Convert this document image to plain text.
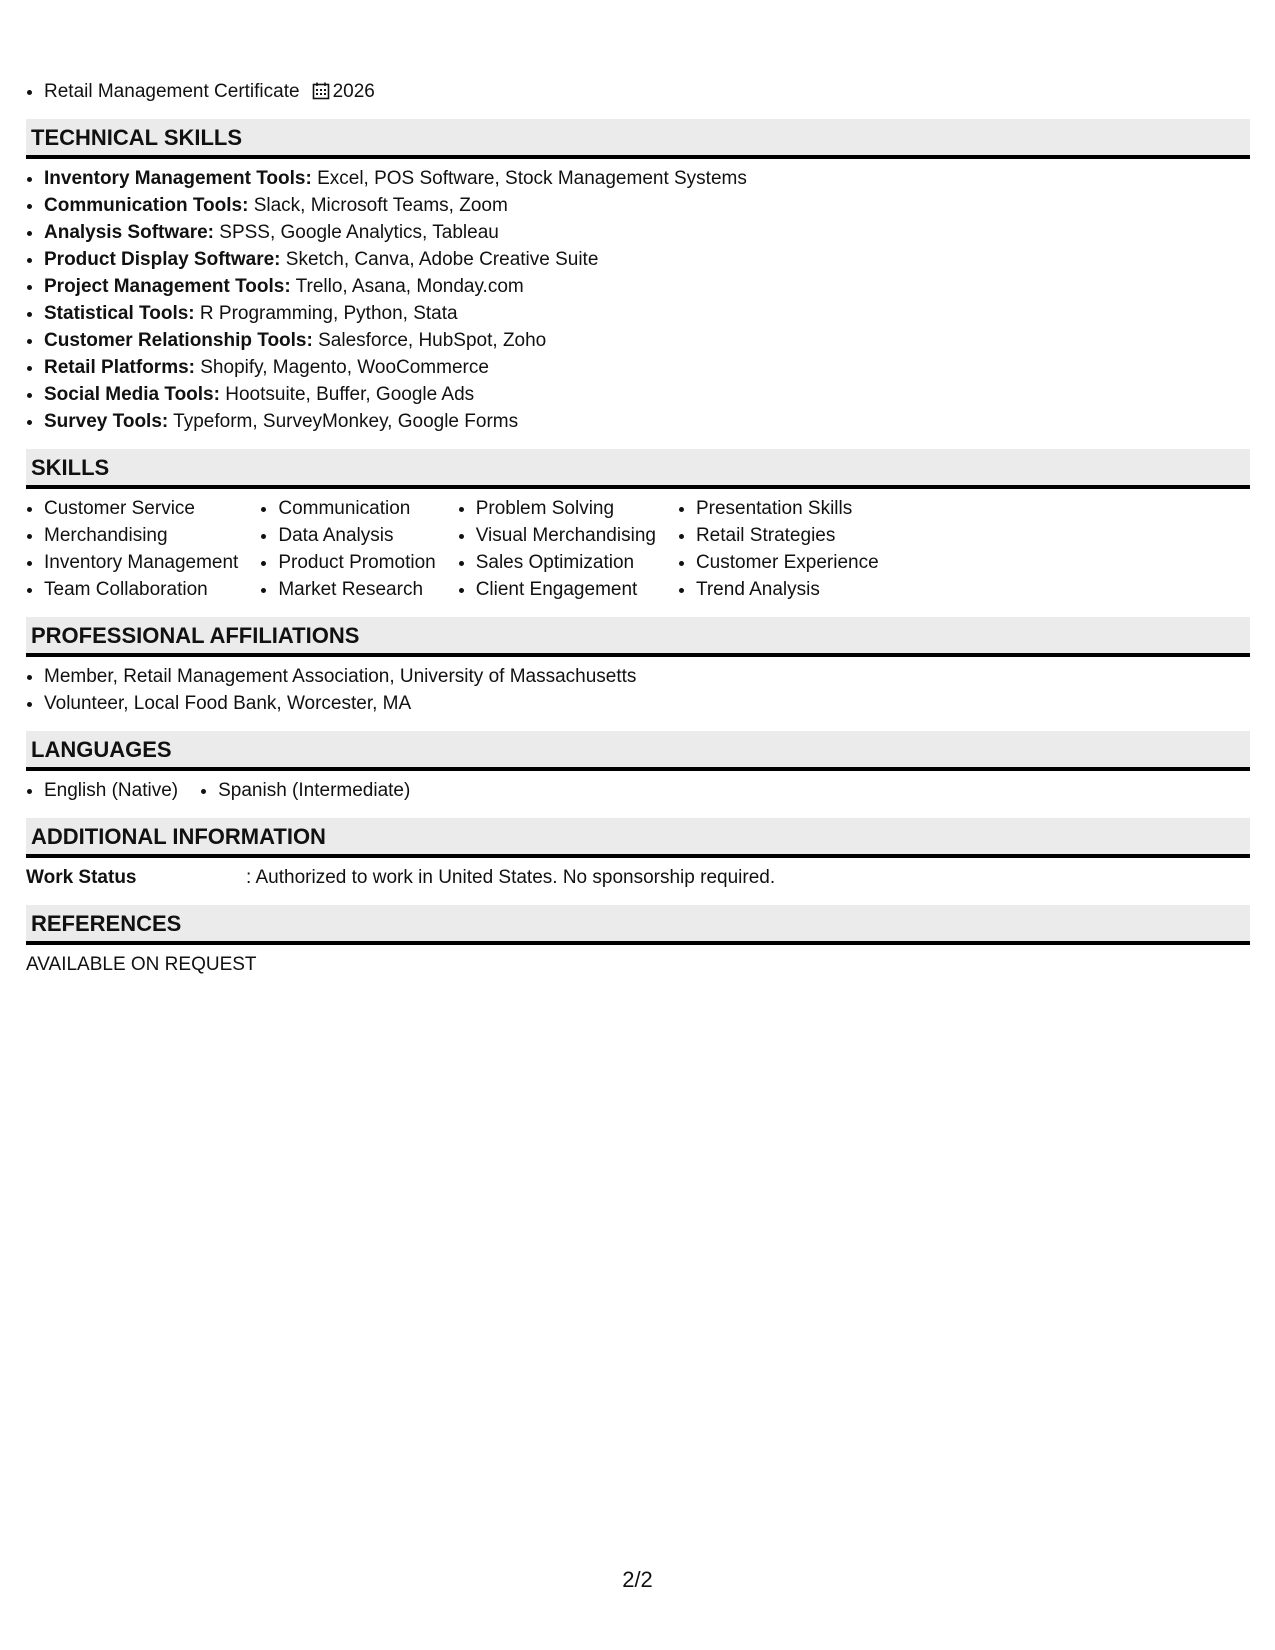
• Retail Management Certificate	2026
TECHNICAL SKILLS
• Inventory Management Tools: Excel, POS Software, Stock Management Systems
• Communication Tools: Slack, Microsoft Teams, Zoom
• Analysis Software: SPSS, Google Analytics, Tableau
• Product Display Software: Sketch, Canva, Adobe Creative Suite
• Project Management Tools: Trello, Asana, Monday.com
• Statistical Tools: R Programming, Python, Stata
• Customer Relationship Tools: Salesforce, HubSpot, Zoho
• Retail Platforms: Shopify, Magento, WooCommerce
• Social Media Tools: Hootsuite, Buffer, Google Ads
• Survey Tools: Typeform, SurveyMonkey, Google Forms
SKILLS
• Customer Service
• Merchandising
• Inventory Management
• Team Collaboration
• Communication
• Data Analysis
• Product Promotion
• Market Research
• Problem Solving
• Visual Merchandising
• Sales Optimization
• Client Engagement
• Presentation Skills
• Retail Strategies
• Customer Experience
• Trend Analysis
PROFESSIONAL AFFILIATIONS
• Member, Retail Management Association, University of Massachusetts
• Volunteer, Local Food Bank, Worcester, MA
LANGUAGES
• English (Native)
• Spanish (Intermediate)
ADDITIONAL INFORMATION
Work Status	: Authorized to work in United States. No sponsorship required.
REFERENCES
AVAILABLE ON REQUEST
2/2
